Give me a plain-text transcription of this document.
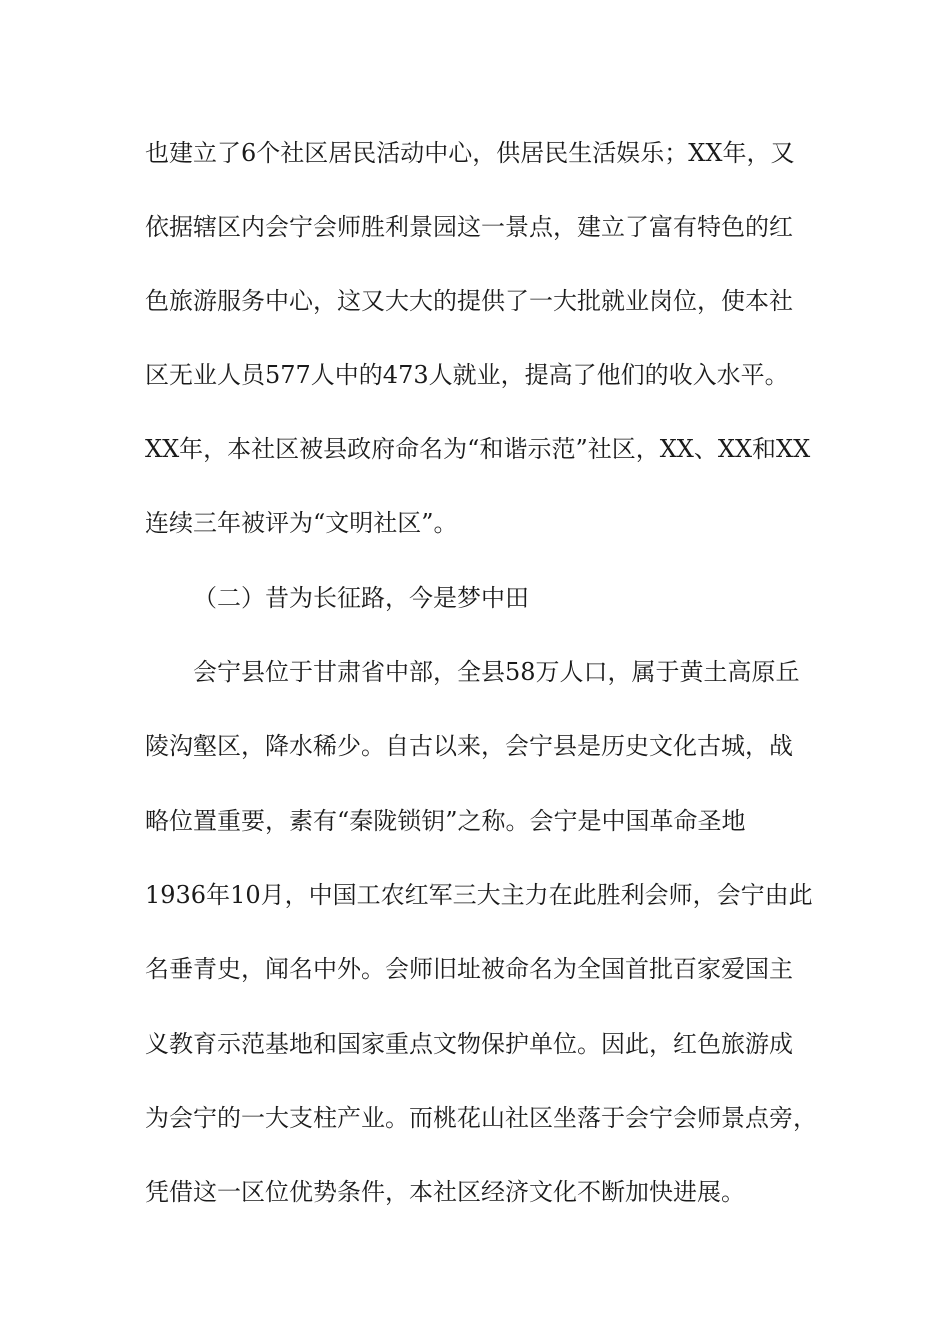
也建立了6个社区居民活动中心，供居民生活娱乐；XX年，又
依据辖区内会宁会师胜利景园这一景点，建立了富有特色的红
色旅游服务中心，这又大大的提供了一大批就业岗位，使本社
区无业人员577人中的473人就业，提高了他们的收入水平。
XX年，本社区被县政府命名为“和谐示范”社区，XX、XX和XX
连续三年被评为“文明社区”。
（二）昔为长征路，今是梦中田
会宁县位于甘肃省中部，全县58万人口，属于黄土高原丘
陵沟壑区，降水稀少。自古以来，会宁县是历史文化古城，战
略位置重要，素有“秦陇锁钥”之称。会宁是中国革命圣地
1936年10月，中国工农红军三大主力在此胜利会师，会宁由此
名垂青史，闻名中外。会师旧址被命名为全国首批百家爱国主
义教育示范基地和国家重点文物保护单位。因此，红色旅游成
为会宁的一大支柱产业。而桃花山社区坐落于会宁会师景点旁，
凭借这一区位优势条件，本社区经济文化不断加快进展。
